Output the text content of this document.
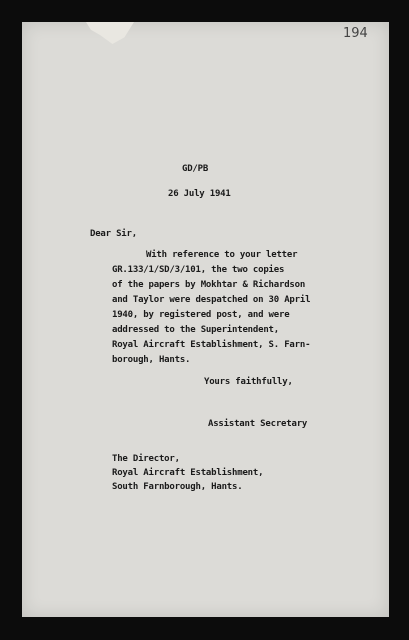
194
GD/PB
26 July 1941
Dear Sir,
With reference to your letter
GR.133/1/SD/3/101, the two copies
of the papers by Mokhtar & Richardson
and Taylor were despatched on 30 April
1940, by registered post, and were
addressed to the Superintendent,
Royal Aircraft Establishment, S. Farn-
borough, Hants.
Yours faithfully,
Assistant Secretary
The Director,
Royal Aircraft Establishment,
South Farnborough, Hants.
